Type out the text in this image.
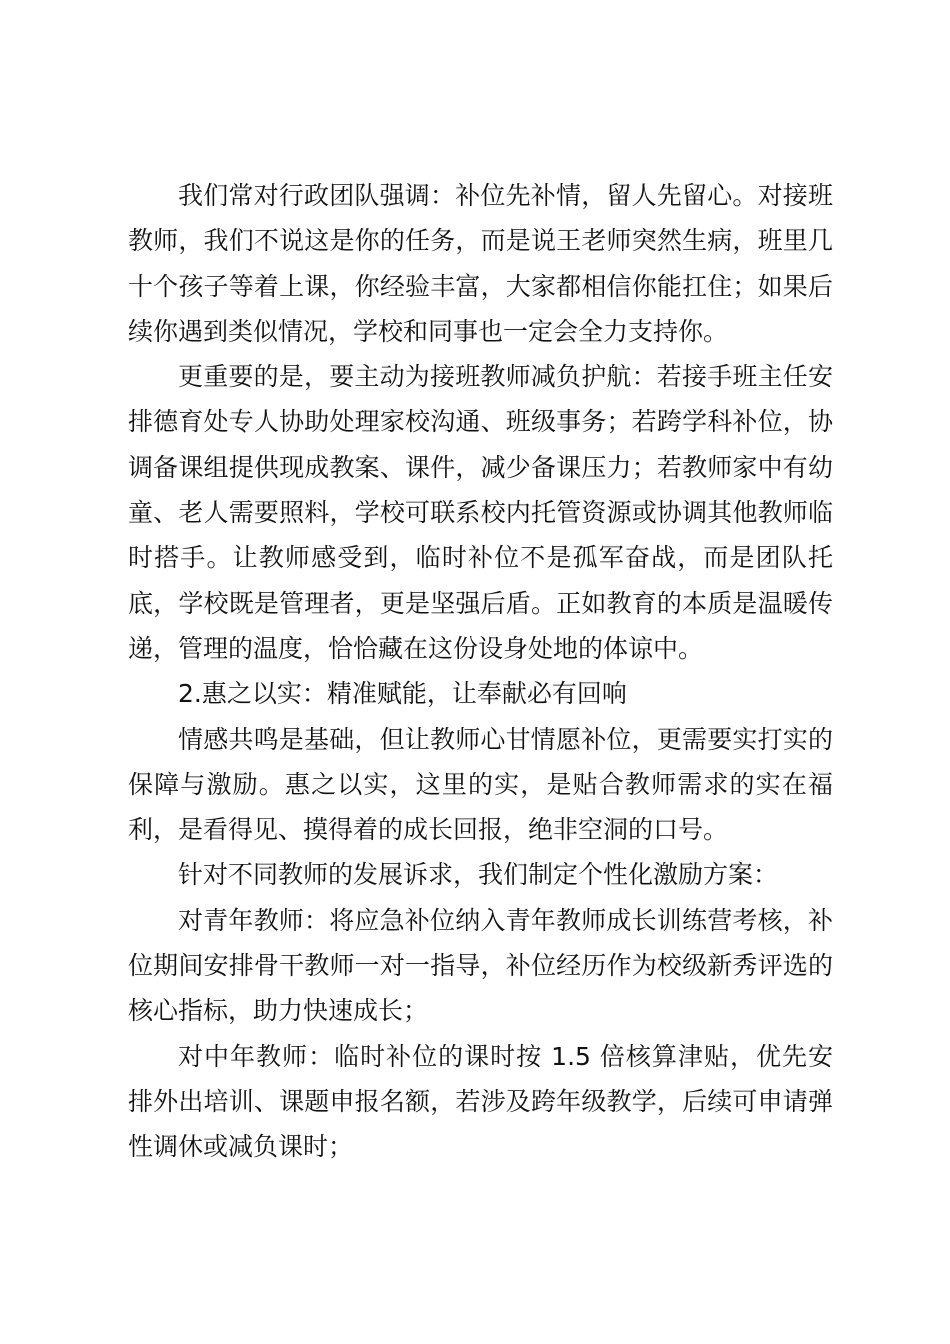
我们常对行政团队强调：补位先补情，留人先留心。对接班教师，我们不说这是你的任务，而是说王老师突然生病，班里几十个孩子等着上课，你经验丰富，大家都相信你能扛住；如果后续你遇到类似情况，学校和同事也一定会全力支持你。

更重要的是，要主动为接班教师减负护航：若接手班主任安排德育处专人协助处理家校沟通、班级事务；若跨学科补位，协调备课组提供现成教案、课件，减少备课压力；若教师家中有幼童、老人需要照料，学校可联系校内托管资源或协调其他教师临时搭手。让教师感受到，临时补位不是孤军奋战，而是团队托底，学校既是管理者，更是坚强后盾。正如教育的本质是温暖传递，管理的温度，恰恰藏在这份设身处地的体谅中。

2.惠之以实：精准赋能，让奉献必有回响

情感共鸣是基础，但让教师心甘情愿补位，更需要实打实的保障与激励。惠之以实，这里的实，是贴合教师需求的实在福利，是看得见、摸得着的成长回报，绝非空洞的口号。

针对不同教师的发展诉求，我们制定个性化激励方案：

对青年教师：将应急补位纳入青年教师成长训练营考核，补位期间安排骨干教师一对一指导，补位经历作为校级新秀评选的核心指标，助力快速成长；

对中年教师：临时补位的课时按 1.5 倍核算津贴，优先安排外出培训、课题申报名额，若涉及跨年级教学，后续可申请弹性调休或减负课时；
